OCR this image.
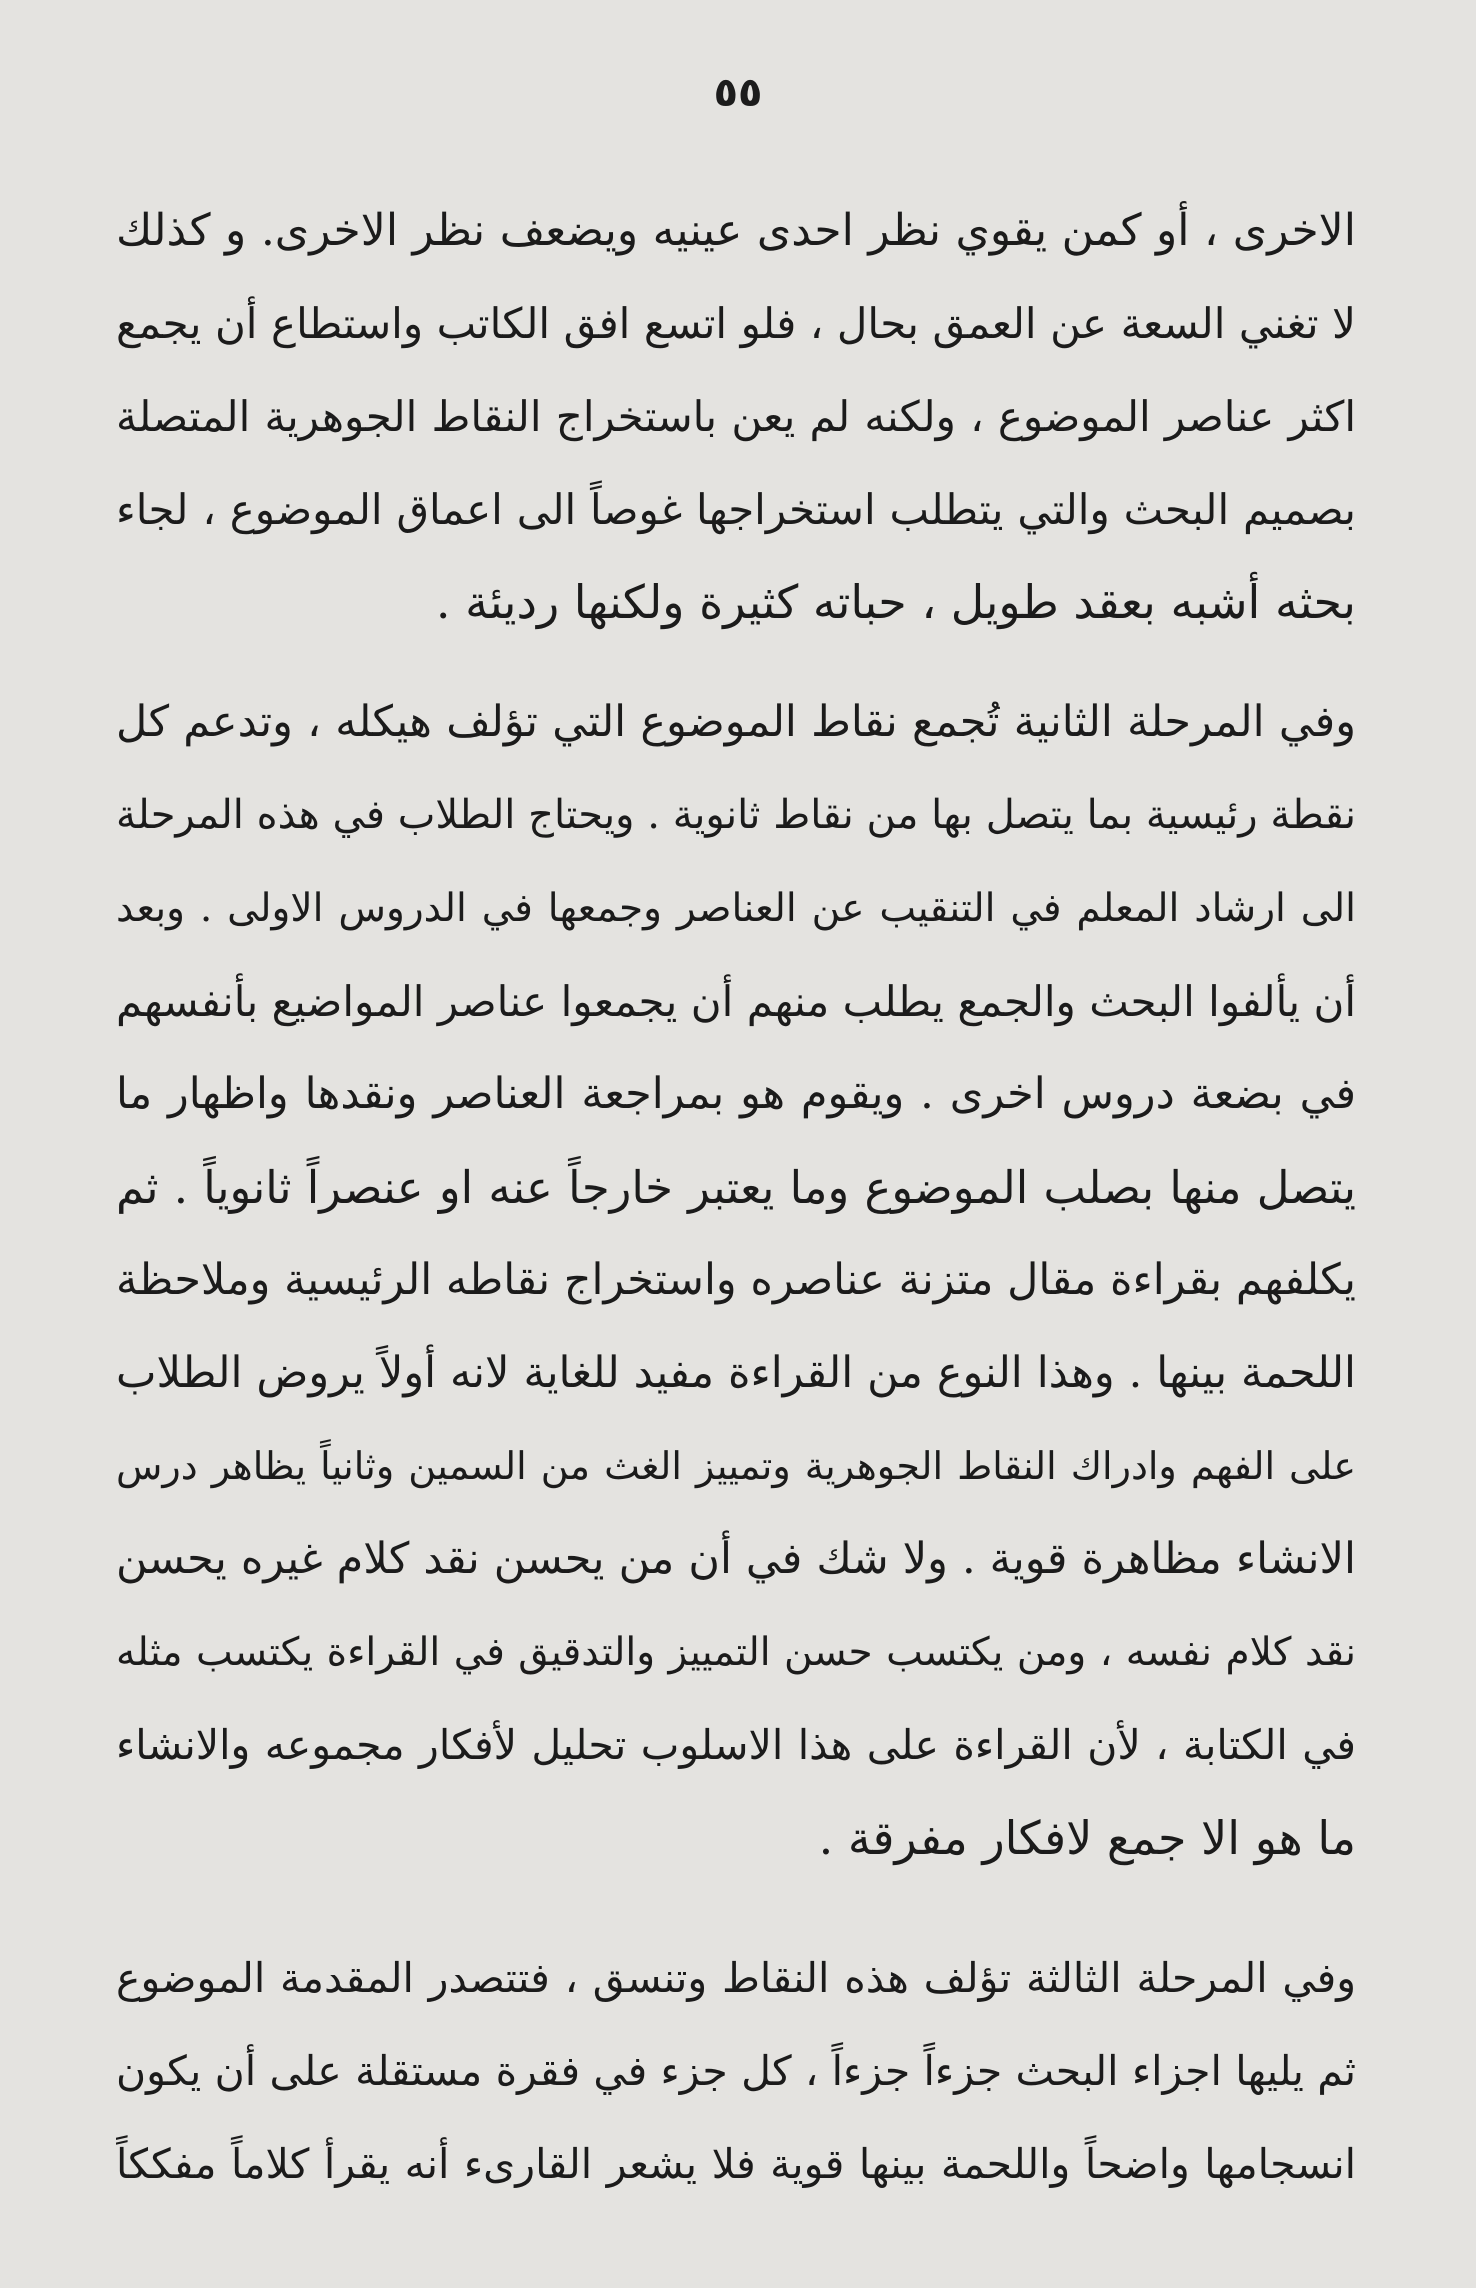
٥٥
الاخرى ، أو كمن يقوي نظر احدى عينيه ويضعف نظر الاخرى. و كذلك
لا تغني السعة عن العمق بحال ، فلو اتسع افق الكاتب واستطاع أن يجمع
اكثر عناصر الموضوع ، ولكنه لم يعن باستخراج النقاط الجوهرية المتصلة
بصميم البحث والتي يتطلب استخراجها غوصاً الى اعماق الموضوع ، لجاء
بحثه أشبه بعقد طويل ، حباته كثيرة ولكنها رديئة .
وفي المرحلة الثانية تُجمع نقاط الموضوع التي تؤلف هيكله ، وتدعم كل
نقطة رئيسية بما يتصل بها من نقاط ثانوية . ويحتاج الطلاب في هذه المرحلة
الى ارشاد المعلم في التنقيب عن العناصر وجمعها في الدروس الاولى . وبعد
أن يألفوا البحث والجمع يطلب منهم أن يجمعوا عناصر المواضيع بأنفسهم
في بضعة دروس اخرى . ويقوم هو بمراجعة العناصر ونقدها واظهار ما
يتصل منها بصلب الموضوع وما يعتبر خارجاً عنه او عنصراً ثانوياً . ثم
يكلفهم بقراءة مقال متزنة عناصره واستخراج نقاطه الرئيسية وملاحظة
اللحمة بينها . وهذا النوع من القراءة مفيد للغاية لانه أولاً يروض الطلاب
على الفهم وادراك النقاط الجوهرية وتمييز الغث من السمين وثانياً يظاهر درس
الانشاء مظاهرة قوية . ولا شك في أن من يحسن نقد كلام غيره يحسن
نقد كلام نفسه ، ومن يكتسب حسن التمييز والتدقيق في القراءة يكتسب مثله
في الكتابة ، لأن القراءة على هذا الاسلوب تحليل لأفكار مجموعه والانشاء
ما هو الا جمع لافكار مفرقة .
وفي المرحلة الثالثة تؤلف هذه النقاط وتنسق ، فتتصدر المقدمة الموضوع
ثم يليها اجزاء البحث جزءاً جزءاً ، كل جزء في فقرة مستقلة على أن يكون
انسجامها واضحاً واللحمة بينها قوية فلا يشعر القارىء أنه يقرأ كلاماً مفككاً
